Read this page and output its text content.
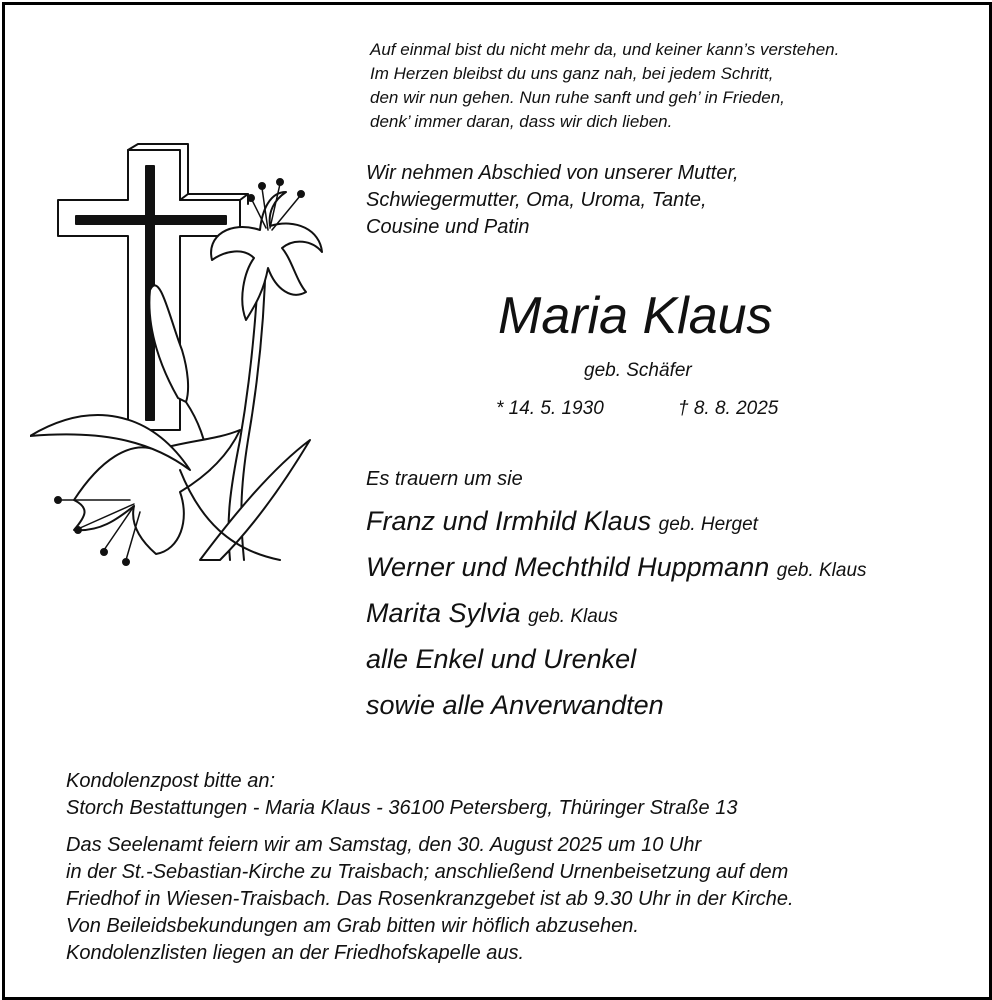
Auf einmal bist du nicht mehr da, und keiner kann’s verstehen.
Im Herzen bleibst du uns ganz nah, bei jedem Schritt,
den wir nun gehen. Nun ruhe sanft und geh’ in Frieden,
denk’ immer daran, dass wir dich lieben.
Wir nehmen Abschied von unserer Mutter,
Schwiegermutter, Oma, Uroma, Tante,
Cousine und Patin
Maria Klaus
geb. Schäfer
* 14. 5. 1930	† 8. 8. 2025
Es trauern um sie
Franz und Irmhild Klaus geb. Herget
Werner und Mechthild Huppmann geb. Klaus
Marita Sylvia geb. Klaus
alle Enkel und Urenkel
sowie alle Anverwandten
Kondolenzpost bitte an:
Storch Bestattungen - Maria Klaus - 36100 Petersberg, Thüringer Straße 13
Das Seelenamt feiern wir am Samstag, den 30. August 2025 um 10 Uhr
in der St.-Sebastian-Kirche zu Traisbach; anschließend Urnenbeisetzung auf dem
Friedhof in Wiesen-Traisbach. Das Rosenkranzgebet ist ab 9.30 Uhr in der Kirche.
Von Beileidsbekundungen am Grab bitten wir höflich abzusehen.
Kondolenzlisten liegen an der Friedhofskapelle aus.
